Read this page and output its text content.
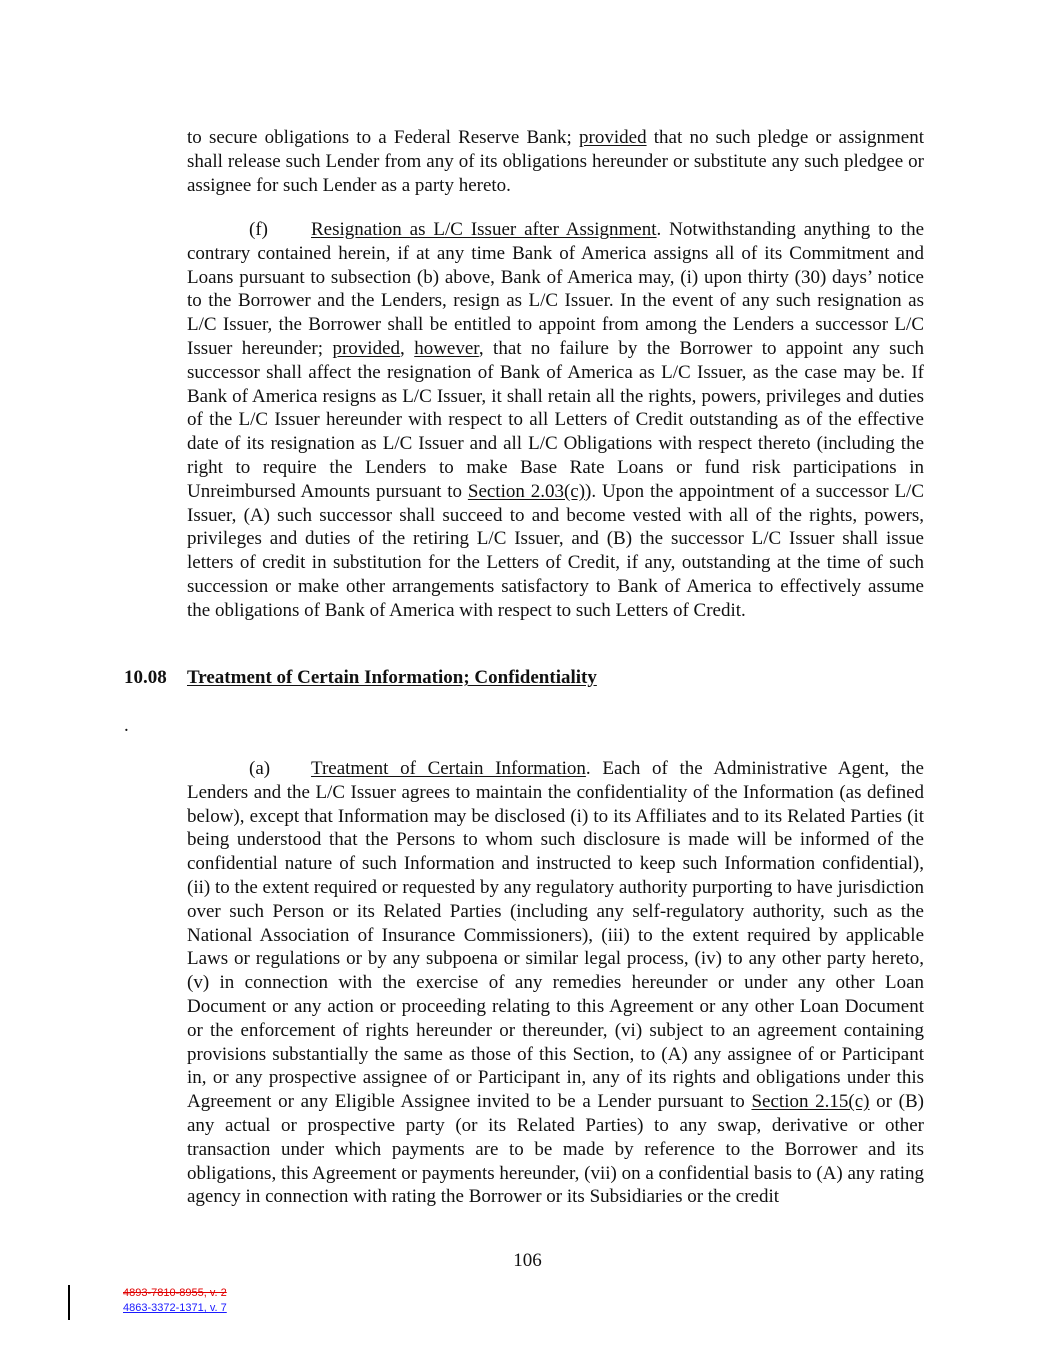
to secure obligations to a Federal Reserve Bank; provided that no such pledge or assignment shall release such Lender from any of its obligations hereunder or substitute any such pledgee or assignee for such Lender as a party hereto.

(f) Resignation as L/C Issuer after Assignment. Notwithstanding anything to the contrary contained herein, if at any time Bank of America assigns all of its Commitment and Loans pursuant to subsection (b) above, Bank of America may, (i) upon thirty (30) days’ notice to the Borrower and the Lenders, resign as L/C Issuer. In the event of any such resignation as L/C Issuer, the Borrower shall be entitled to appoint from among the Lenders a successor L/C Issuer hereunder; provided, however, that no failure by the Borrower to appoint any such successor shall affect the resignation of Bank of America as L/C Issuer, as the case may be. If Bank of America resigns as L/C Issuer, it shall retain all the rights, powers, privileges and duties of the L/C Issuer hereunder with respect to all Letters of Credit outstanding as of the effective date of its resignation as L/C Issuer and all L/C Obligations with respect thereto (including the right to require the Lenders to make Base Rate Loans or fund risk participations in Unreimbursed Amounts pursuant to Section 2.03(c)). Upon the appointment of a successor L/C Issuer, (A) such successor shall succeed to and become vested with all of the rights, powers, privileges and duties of the retiring L/C Issuer, and (B) the successor L/C Issuer shall issue letters of credit in substitution for the Letters of Credit, if any, outstanding at the time of such succession or make other arrangements satisfactory to Bank of America to effectively assume the obligations of Bank of America with respect to such Letters of Credit.

10.08 Treatment of Certain Information; Confidentiality
.

(a) Treatment of Certain Information. Each of the Administrative Agent, the Lenders and the L/C Issuer agrees to maintain the confidentiality of the Information (as defined below), except that Information may be disclosed (i) to its Affiliates and to its Related Parties (it being understood that the Persons to whom such disclosure is made will be informed of the confidential nature of such Information and instructed to keep such Information confidential), (ii) to the extent required or requested by any regulatory authority purporting to have jurisdiction over such Person or its Related Parties (including any self-regulatory authority, such as the National Association of Insurance Commissioners), (iii) to the extent required by applicable Laws or regulations or by any subpoena or similar legal process, (iv) to any other party hereto, (v) in connection with the exercise of any remedies hereunder or under any other Loan Document or any action or proceeding relating to this Agreement or any other Loan Document or the enforcement of rights hereunder or thereunder, (vi) subject to an agreement containing provisions substantially the same as those of this Section, to (A) any assignee of or Participant in, or any prospective assignee of or Participant in, any of its rights and obligations under this Agreement or any Eligible Assignee invited to be a Lender pursuant to Section 2.15(c) or (B) any actual or prospective party (or its Related Parties) to any swap, derivative or other transaction under which payments are to be made by reference to the Borrower and its obligations, this Agreement or payments hereunder, (vii) on a confidential basis to (A) any rating agency in connection with rating the Borrower or its Subsidiaries or the credit

106
4893-7810-8955, v. 2
4863-3372-1371, v. 7
